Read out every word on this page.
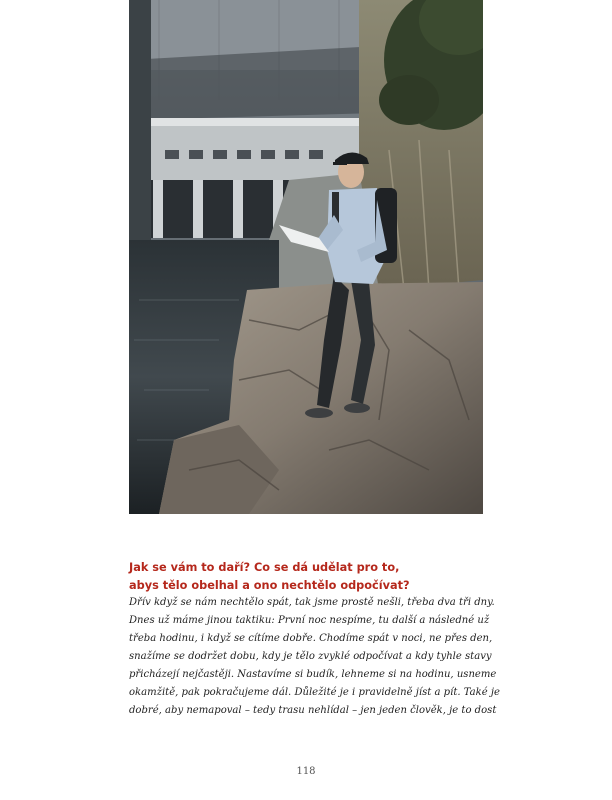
Jak se vám to daří? Co se dá udělat pro to,
abys tělo obelhal a ono nechtělo odpočívat?
Dřív když se nám nechtělo spát, tak jsme prostě nešli, třeba dva tři dny.
Dnes už máme jinou taktiku: První noc nespíme, tu další a následné už
třeba hodinu, i když se cítíme dobře. Chodíme spát v noci, ne přes den,
snažíme se dodržet dobu, kdy je tělo zvyklé odpočívat a kdy tyhle stavy
přicházejí nejčastěji. Nastavíme si budík, lehneme si na hodinu, usneme
okamžitě, pak pokračujeme dál. Důležité je i pravidelně jíst a pít. Také je
dobré, aby nemapoval – tedy trasu nehlídal – jen jeden člověk, je to dost
118
